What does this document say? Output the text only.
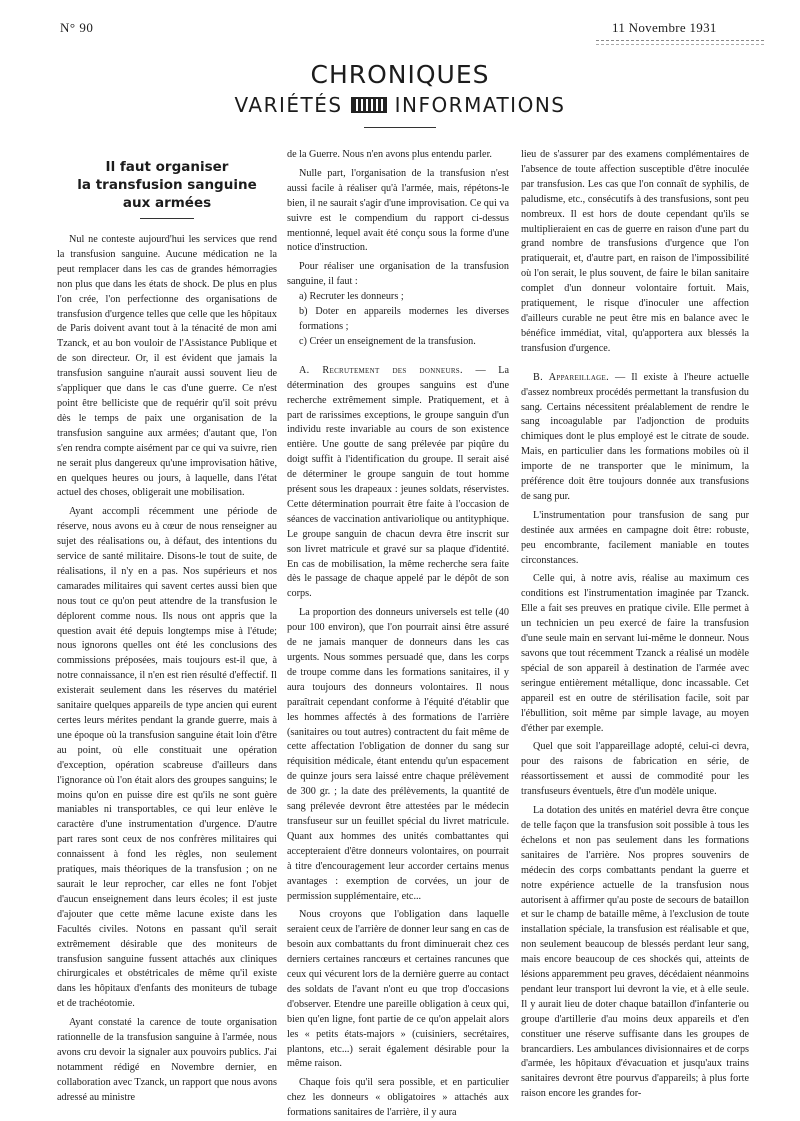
N° 90	11 Novembre 1931
CHRONIQUES
VARIÉTÉS	INFORMATIONS
Il faut organiser
la transfusion sanguine
aux armées

Nul ne conteste aujourd'hui les services que rend la transfusion sanguine. Aucune médication ne la peut remplacer dans les cas de grandes hémorragies non plus que dans les états de shock. De plus en plus l'on crée, l'on perfectionne des organisations de transfusion d'urgence telles que celle que les hôpitaux de Paris doivent avant tout à la ténacité de mon ami Tzanck, et au bon vouloir de l'Assistance Publique et de son directeur. Or, il est évident que jamais la transfusion sanguine n'aurait aussi souvent lieu de s'appliquer que dans le cas d'une guerre. Ce n'est point être belliciste que de requérir qu'il soit prévu dès le temps de paix une organisation de la transfusion sanguine aux armées; d'autant que, l'on s'en rendra compte aisément par ce qui va suivre, rien ne serait plus dangereux qu'une improvisation hâtive, en quelques heures ou jours, à laquelle, dans l'état actuel des choses, obligerait une mobilisation.

Ayant accompli récemment une période de réserve, nous avons eu à cœur de nous renseigner au sujet des réalisations ou, à défaut, des intentions du service de santé militaire. Disons-le tout de suite, de réalisations, il n'y en a pas. Nos supérieurs et nos camarades militaires qui savent certes aussi bien que nous tout ce qu'on peut attendre de la transfusion le déplorent comme nous. Ils nous ont appris que la question avait été depuis longtemps mise à l'étude; nous ignorons quelles ont été les conclusions des commissions préposées, mais toujours est-il que, à notre connaissance, il n'en est rien résulté d'effectif. Il existerait seulement dans les réserves du matériel sanitaire quelques appareils de type ancien qui eurent certes leurs mérites pendant la grande guerre, mais à une époque où la transfusion sanguine était loin d'être au point, où elle constituait une opération d'exception, opération scabreuse d'ailleurs dans l'ignorance où l'on était alors des groupes sanguins; le moins qu'on en puisse dire est qu'ils ne sont guère maniables ni transportables, ce qui leur enlève le caractère d'une instrumentation d'urgence. D'autre part rares sont ceux de nos confrères militaires qui connaissent à fond les règles, non seulement pratiques, mais théoriques de la transfusion ; on ne saurait le leur reprocher, car elles ne font l'objet d'aucun enseignement dans leurs écoles; il est juste d'ajouter que cette même lacune existe dans les Facultés civiles. Notons en passant qu'il serait extrêmement désirable que des moniteurs de transfusion sanguine fussent attachés aux cliniques chirurgicales et obstétricales de même qu'il existe dans les hôpitaux d'enfants des moniteurs de tubage et de trachéotomie.

Ayant constaté la carence de toute organisation rationnelle de la transfusion sanguine à l'armée, nous avons cru devoir la signaler aux pouvoirs publics. J'ai notamment rédigé en Novembre dernier, en collaboration avec Tzanck, un rapport que nous avons adressé au ministre

de la Guerre. Nous n'en avons plus entendu parler.

Nulle part, l'organisation de la transfusion n'est aussi facile à réaliser qu'à l'armée, mais, répétons-le bien, il ne saurait s'agir d'une improvisation. Ce qui va suivre est le compendium du rapport ci-dessus mentionné, lequel avait été conçu sous la forme d'une notice d'instruction.

Pour réaliser une organisation de la transfusion sanguine, il faut :

a) Recruter les donneurs ;

b) Doter en appareils modernes les diverses formations ;

c) Créer un enseignement de la transfusion.

A. Recrutement des donneurs. — La détermination des groupes sanguins est d'une recherche extrêmement simple. Pratiquement, et à part de rarissimes exceptions, le groupe sanguin d'un individu reste invariable au cours de son existence entière. Une goutte de sang prélevée par piqûre du doigt suffit à l'identification du groupe. Il serait aisé de déterminer le groupe sanguin de tout homme présent sous les drapeaux : jeunes soldats, réservistes. Cette détermination pourrait être faite à l'occasion de séances de vaccination antivariolique ou antityphique. Le groupe sanguin de chacun devra être inscrit sur son livret matricule et gravé sur sa plaque d'identité. En cas de mobilisation, la même recherche sera faite dès le passage de chaque appelé par le dépôt de son corps.

La proportion des donneurs universels est telle (40 pour 100 environ), que l'on pourrait ainsi être assuré de ne jamais manquer de donneurs dans les cas urgents. Nous sommes persuadé que, dans les corps de troupe comme dans les formations sanitaires, il y aura toujours des donneurs volontaires. Il nous paraîtrait cependant conforme à l'équité d'établir que les hommes affectés à des formations de l'arrière (sanitaires ou tout autres) contractent du fait même de cette affectation l'obligation de donner du sang sur réquisition médicale, étant entendu qu'un espacement de quinze jours sera laissé entre chaque prélèvement de 300 gr. ; la date des prélèvements, la quantité de sang prélevée devront être attestées par le médecin transfuseur sur un feuillet spécial du livret matricule. Quant aux hommes des unités combattantes qui accepteraient d'être donneurs volontaires, on pourrait à titre d'encouragement leur accorder certains menus avantages : exemption de corvées, un jour de permission supplémentaire, etc...

Nous croyons que l'obligation dans laquelle seraient ceux de l'arrière de donner leur sang en cas de besoin aux combattants du front diminuerait chez ces derniers certaines rancœurs et certaines rancunes que ceux qui vécurent lors de la dernière guerre au contact des soldats de l'avant n'ont eu que trop d'occasions d'observer. Etendre une pareille obligation à ceux qui, bien qu'en ligne, font partie de ce qu'on appelait alors les « petits états-majors » (cuisiniers, secrétaires, plantons, etc...) serait également désirable pour la même raison.

Chaque fois qu'il sera possible, et en particulier chez les donneurs « obligatoires » attachés aux formations sanitaires de l'arrière, il y aura

lieu de s'assurer par des examens complémentaires de l'absence de toute affection susceptible d'être inoculée par transfusion. Les cas que l'on connaît de syphilis, de paludisme, etc., consécutifs à des transfusions, sont peu nombreux. Il est hors de doute cependant qu'ils se multiplieraient en cas de guerre en raison d'une part du grand nombre de transfusions d'urgence que l'on pratiquerait, et, d'autre part, en raison de l'impossibilité où l'on serait, le plus souvent, de faire le bilan sanitaire complet d'un donneur volontaire fortuit. Mais, pratiquement, le risque d'inoculer une affection d'ailleurs curable ne peut être mis en balance avec le bénéfice immédiat, vital, qu'apportera aux blessés la transfusion d'urgence.

B. Appareillage. — Il existe à l'heure actuelle d'assez nombreux procédés permettant la transfusion du sang. Certains nécessitent préalablement de rendre le sang incoagulable par l'adjonction de produits chimiques dont le plus employé est le citrate de soude. Mais, en particulier dans les formations mobiles où il importe de ne transporter que le minimum, la préférence doit être toujours donnée aux transfusions de sang pur.

L'instrumentation pour transfusion de sang pur destinée aux armées en campagne doit être: robuste, peu encombrante, facilement maniable en toutes circonstances.

Celle qui, à notre avis, réalise au maximum ces conditions est l'instrumentation imaginée par Tzanck. Elle a fait ses preuves en pratique civile. Elle permet à un technicien un peu exercé de faire la transfusion d'une seule main en servant lui-même le donneur. Nous savons que tout récemment Tzanck a réalisé un modèle spécial de son appareil à destination de l'armée avec seringue entièrement métallique, donc incassable. Cet appareil est en outre de stérilisation facile, soit par l'ébullition, soit même par simple lavage, au moyen d'éther par exemple.

Quel que soit l'appareillage adopté, celui-ci devra, pour des raisons de fabrication en série, de réassortissement et aussi de commodité pour les transfuseurs éventuels, être d'un modèle unique.

La dotation des unités en matériel devra être conçue de telle façon que la transfusion soit possible à tous les échelons et non pas seulement dans les formations sanitaires de l'arrière. Nos propres souvenirs de médecin des corps combattants pendant la guerre et notre expérience actuelle de la transfusion nous autorisent à affirmer qu'au poste de secours de bataillon et sur le champ de bataille même, à l'exclusion de toute installation spéciale, la transfusion est réalisable et que, non seulement beaucoup de blessés perdant leur sang, mais encore beaucoup de ces shockés qui, atteints de lésions apparemment peu graves, décédaient néanmoins pendant leur transport lui devront la vie, et à elle seule. Il y aurait lieu de doter chaque bataillon d'infanterie ou groupe d'artillerie d'au moins deux appareils et d'en constituer une réserve suffisante dans les groupes de brancardiers. Les ambulances divisionnaires et de corps d'armée, les hôpitaux d'évacuation et jusqu'aux trains sanitaires devront être pourvus d'appareils; à plus forte raison encore les grandes for-
